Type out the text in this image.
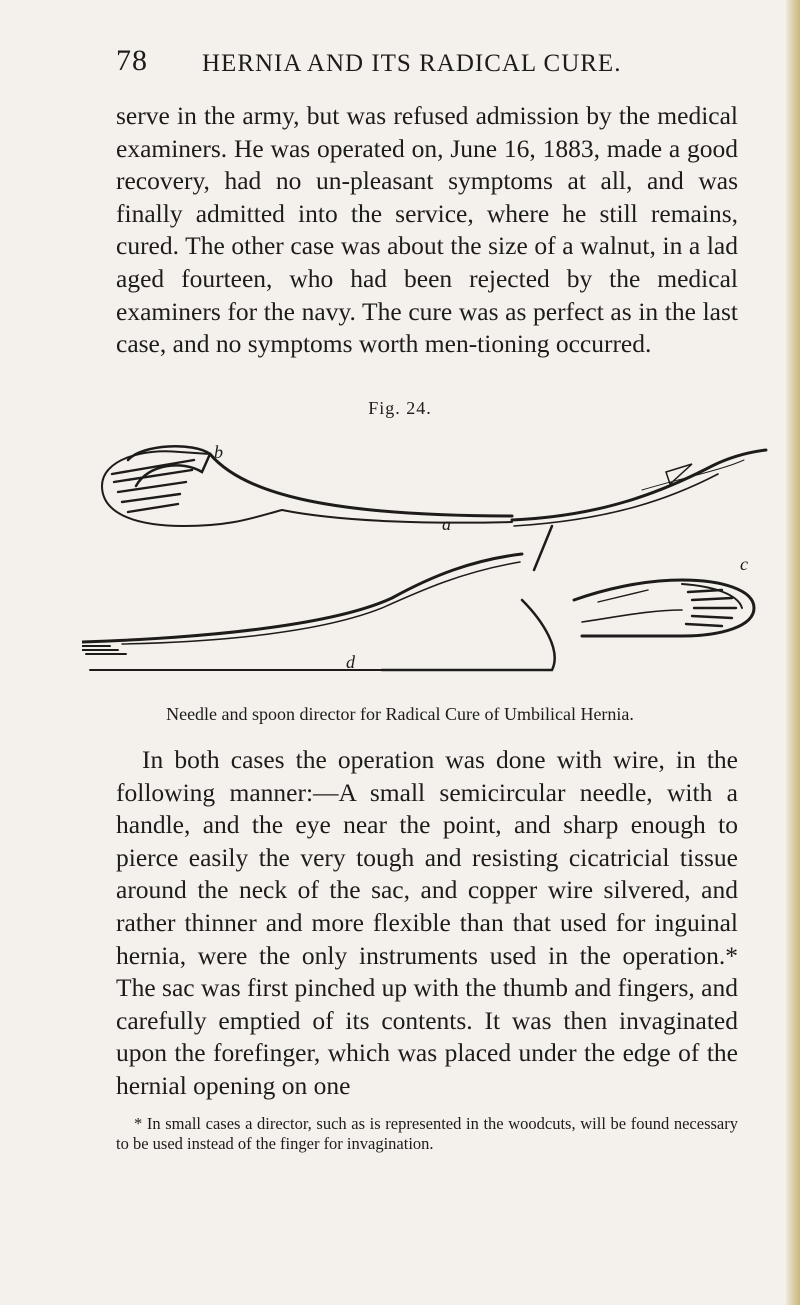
78 HERNIA AND ITS RADICAL CURE.

serve in the army, but was refused admission by the medical examiners. He was operated on, June 16, 1883, made a good recovery, had no un-pleasant symptoms at all, and was finally admitted into the service, where he still remains, cured. The other case was about the size of a walnut, in a lad aged fourteen, who had been rejected by the medical examiners for the navy. The cure was as perfect as in the last case, and no symptoms worth men-tioning occurred.

Fig. 24.
b
a
c
d
Needle and spoon director for Radical Cure of Umbilical Hernia.

In both cases the operation was done with wire, in the following manner:—A small semicircular needle, with a handle, and the eye near the point, and sharp enough to pierce easily the very tough and resisting cicatricial tissue around the neck of the sac, and copper wire silvered, and rather thinner and more flexible than that used for inguinal hernia, were the only instruments used in the operation.* The sac was first pinched up with the thumb and fingers, and carefully emptied of its contents. It was then invaginated upon the forefinger, which was placed under the edge of the hernial opening on one

* In small cases a director, such as is represented in the woodcuts, will be found necessary to be used instead of the finger for invagination.
